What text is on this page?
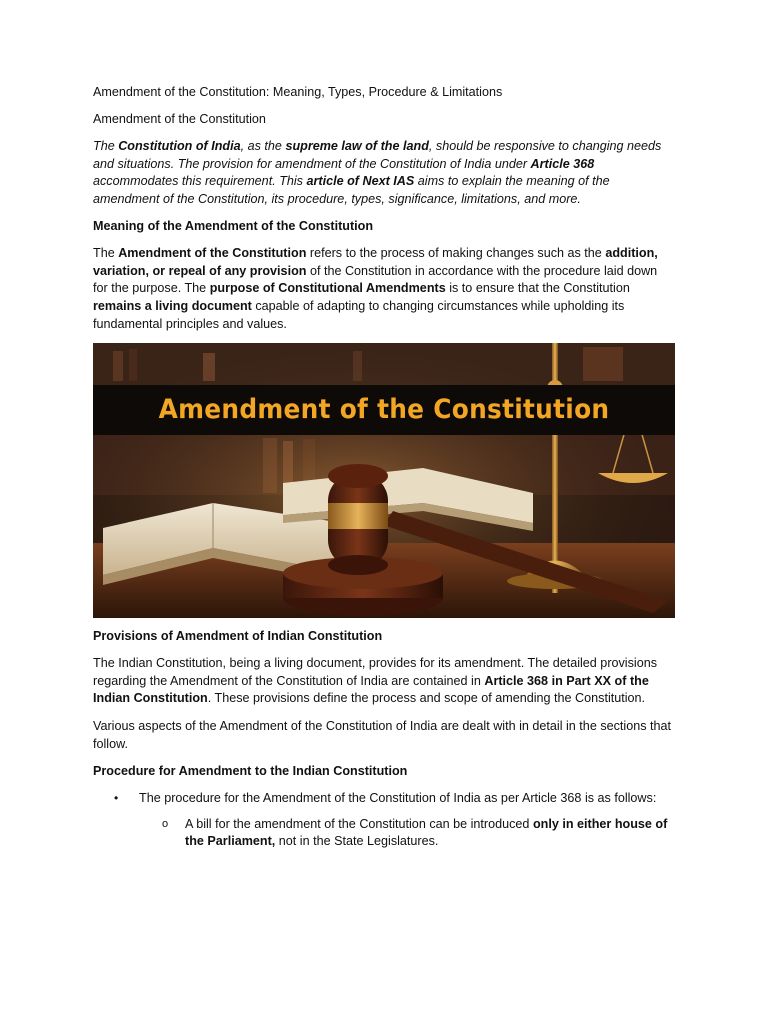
Amendment of the Constitution: Meaning, Types, Procedure & Limitations

Amendment of the Constitution

The Constitution of India, as the supreme law of the land, should be responsive to changing needs and situations. The provision for amendment of the Constitution of India under Article 368 accommodates this requirement. This article of Next IAS aims to explain the meaning of the amendment of the Constitution, its procedure, types, significance, limitations, and more.

Meaning of the Amendment of the Constitution

The Amendment of the Constitution refers to the process of making changes such as the addition, variation, or repeal of any provision of the Constitution in accordance with the procedure laid down for the purpose. The purpose of Constitutional Amendments is to ensure that the Constitution remains a living document capable of adapting to changing circumstances while upholding its fundamental principles and values.

Amendment of the Constitution

Provisions of Amendment of Indian Constitution

The Indian Constitution, being a living document, provides for its amendment. The detailed provisions regarding the Amendment of the Constitution of India are contained in Article 368 in Part XX of the Indian Constitution. These provisions define the process and scope of amending the Constitution.

Various aspects of the Amendment of the Constitution of India are dealt with in detail in the sections that follow.

Procedure for Amendment to the Indian Constitution

• The procedure for the Amendment of the Constitution of India as per Article 368 is as follows:
o A bill for the amendment of the Constitution can be introduced only in either house of the Parliament, not in the State Legislatures.
